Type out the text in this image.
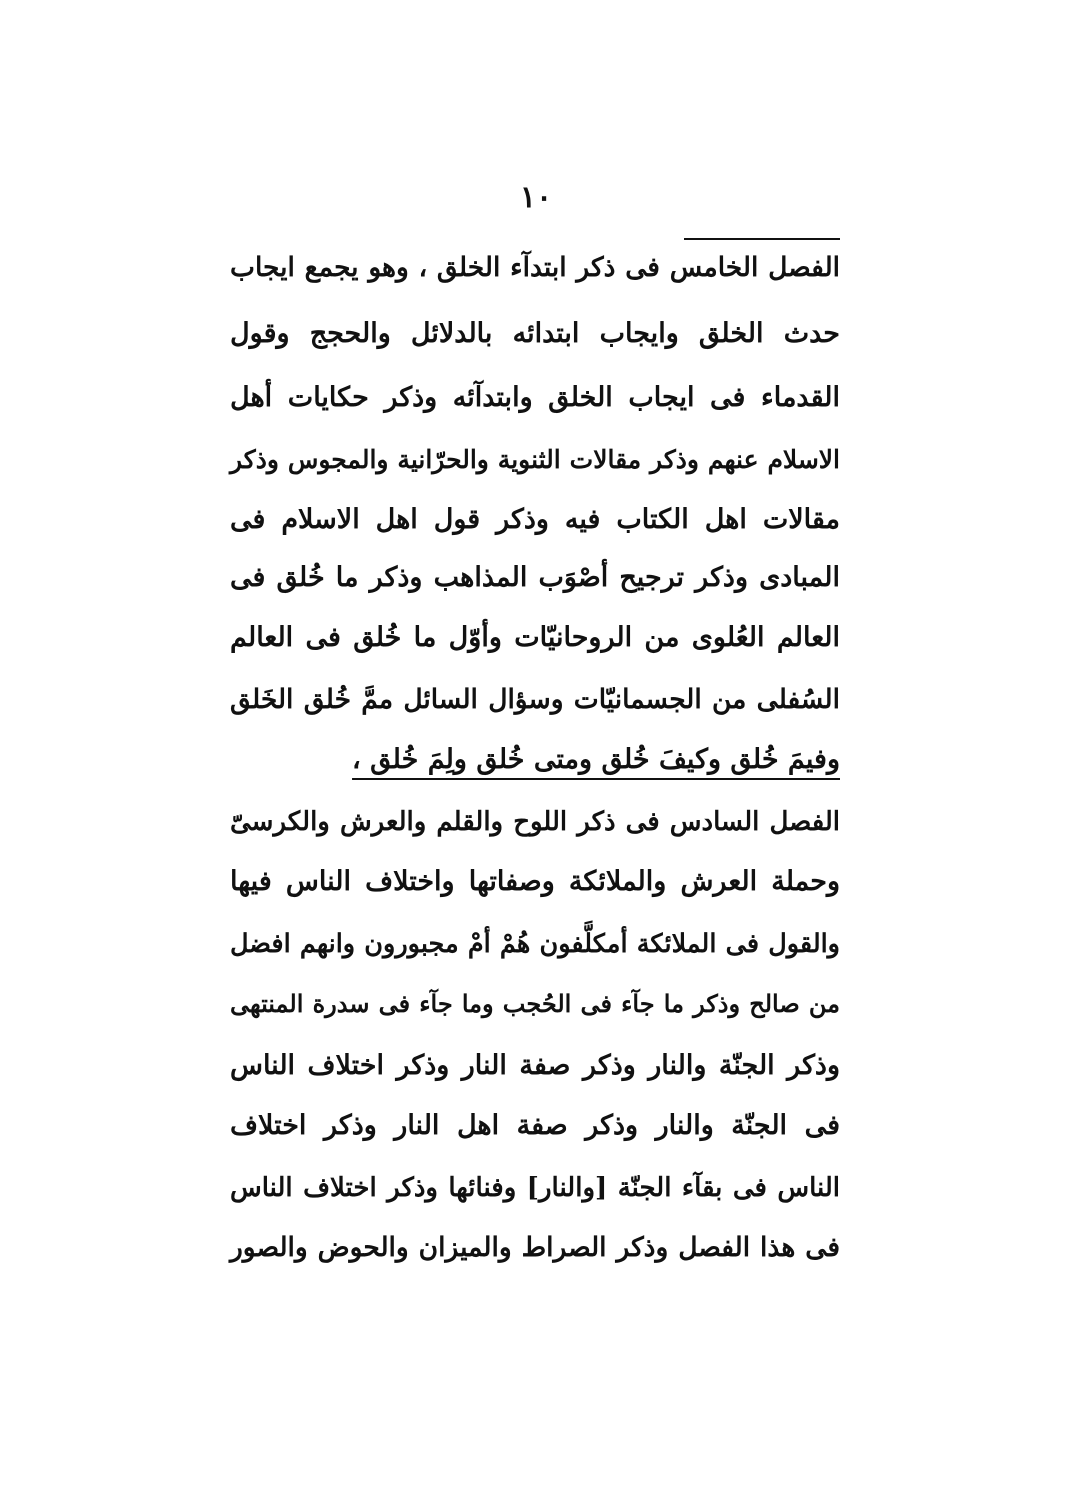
١٠
الفصل الخامس فى ذكر ابتدآء الخلق ، وهو يجمع ايجاب
حدث الخلق وايجاب ابتدائه بالدلائل والحجج وقول
القدماء فى ايجاب الخلق وابتدآئه وذكر حكايات أهل
الاسلام عنهم وذكر مقالات الثنوية والحرّانية والمجوس وذكر
مقالات اهل الكتاب فيه وذكر قول اهل الاسلام فى
المبادى وذكر ترجيح أصْوَب المذاهب وذكر ما خُلق فى
العالم العُلوى من الروحانيّات وأوّل ما خُلق فى العالم
السُفلى من الجسمانيّات وسؤال السائل ممَّ خُلق الخَلق
وفيمَ خُلق وكيفَ خُلق ومتى خُلق ولِمَ خُلق ،
الفصل السادس فى ذكر اللوح والقلم والعرش والكرسىّ
وحملة العرش والملائكة وصفاتها واختلاف الناس فيها
والقول فى الملائكة أمكلَّفون هُمْ أمْ مجبورون وانهم افضل
من صالح وذكر ما جآء فى الحُجب وما جآء فى سدرة المنتهى
وذكر الجنّة والنار وذكر صفة النار وذكر اختلاف الناس
فى الجنّة والنار وذكر صفة اهل النار وذكر اختلاف
الناس فى بقآء الجنّة [والنار] وفنائها وذكر اختلاف الناس
فى هذا الفصل وذكر الصراط والميزان والحوض والصور
